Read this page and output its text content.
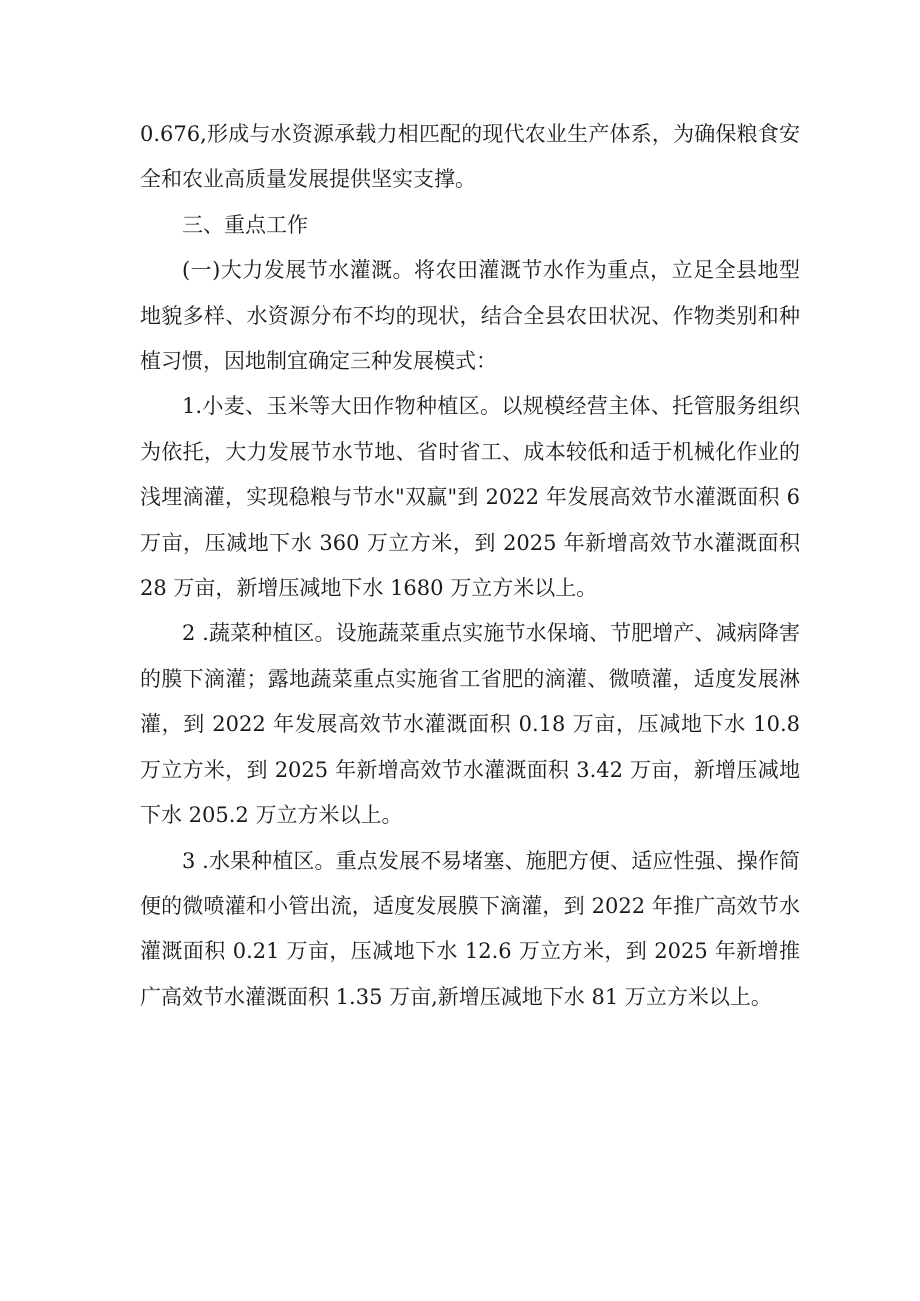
0.676,形成与水资源承载力相匹配的现代农业生产体系，为确保粮食安全和农业高质量发展提供坚实支撑。

三、重点工作

(一)大力发展节水灌溉。将农田灌溉节水作为重点，立足全县地型地貌多样、水资源分布不均的现状，结合全县农田状况、作物类别和种植习惯，因地制宜确定三种发展模式：

1.小麦、玉米等大田作物种植区。以规模经营主体、托管服务组织为依托，大力发展节水节地、省时省工、成本较低和适于机械化作业的浅埋滴灌，实现稳粮与节水"双赢"到 2022 年发展高效节水灌溉面积 6 万亩，压减地下水 360 万立方米，到 2025 年新增高效节水灌溉面积 28 万亩，新增压减地下水 1680 万立方米以上。

2 .蔬菜种植区。设施蔬菜重点实施节水保墒、节肥增产、减病降害的膜下滴灌；露地蔬菜重点实施省工省肥的滴灌、微喷灌，适度发展淋灌，到 2022 年发展高效节水灌溉面积 0.18 万亩，压减地下水 10.8 万立方米，到 2025 年新增高效节水灌溉面积 3.42 万亩，新增压减地下水 205.2 万立方米以上。

3 .水果种植区。重点发展不易堵塞、施肥方便、适应性强、操作简便的微喷灌和小管出流，适度发展膜下滴灌，到 2022 年推广高效节水灌溉面积 0.21 万亩，压减地下水 12.6 万立方米，到 2025 年新增推广高效节水灌溉面积 1.35 万亩,新增压减地下水 81 万立方米以上。
